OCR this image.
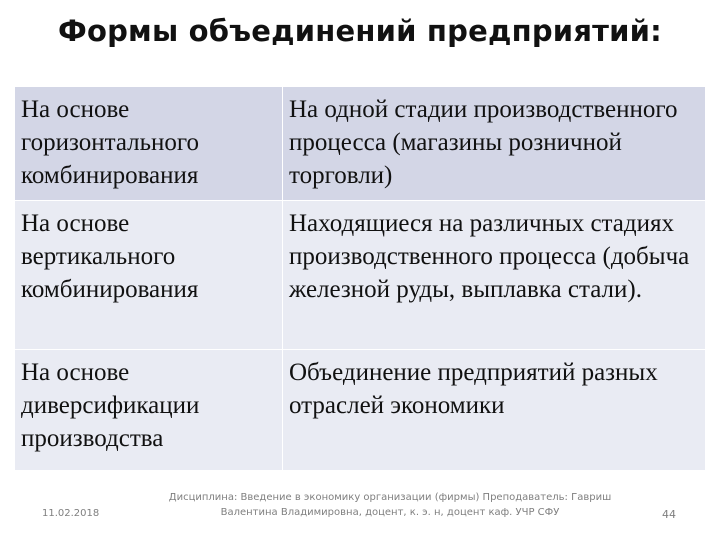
Формы объединений предприятий:
На основе горизонтального комбинирования	На одной стадии производственного процесса (магазины розничной торговли)
На основе вертикального комбинирования	Находящиеся на различных стадиях производственного процесса (добыча железной руды, выплавка стали).
На основе диверсификации производства	Объединение предприятий разных отраслей экономики
11.02.2018
Дисциплина: Введение в экономику организации (фирмы) Преподаватель: Гавриш Валентина Владимировна, доцент, к. э. н, доцент каф. УЧР СФУ	44
